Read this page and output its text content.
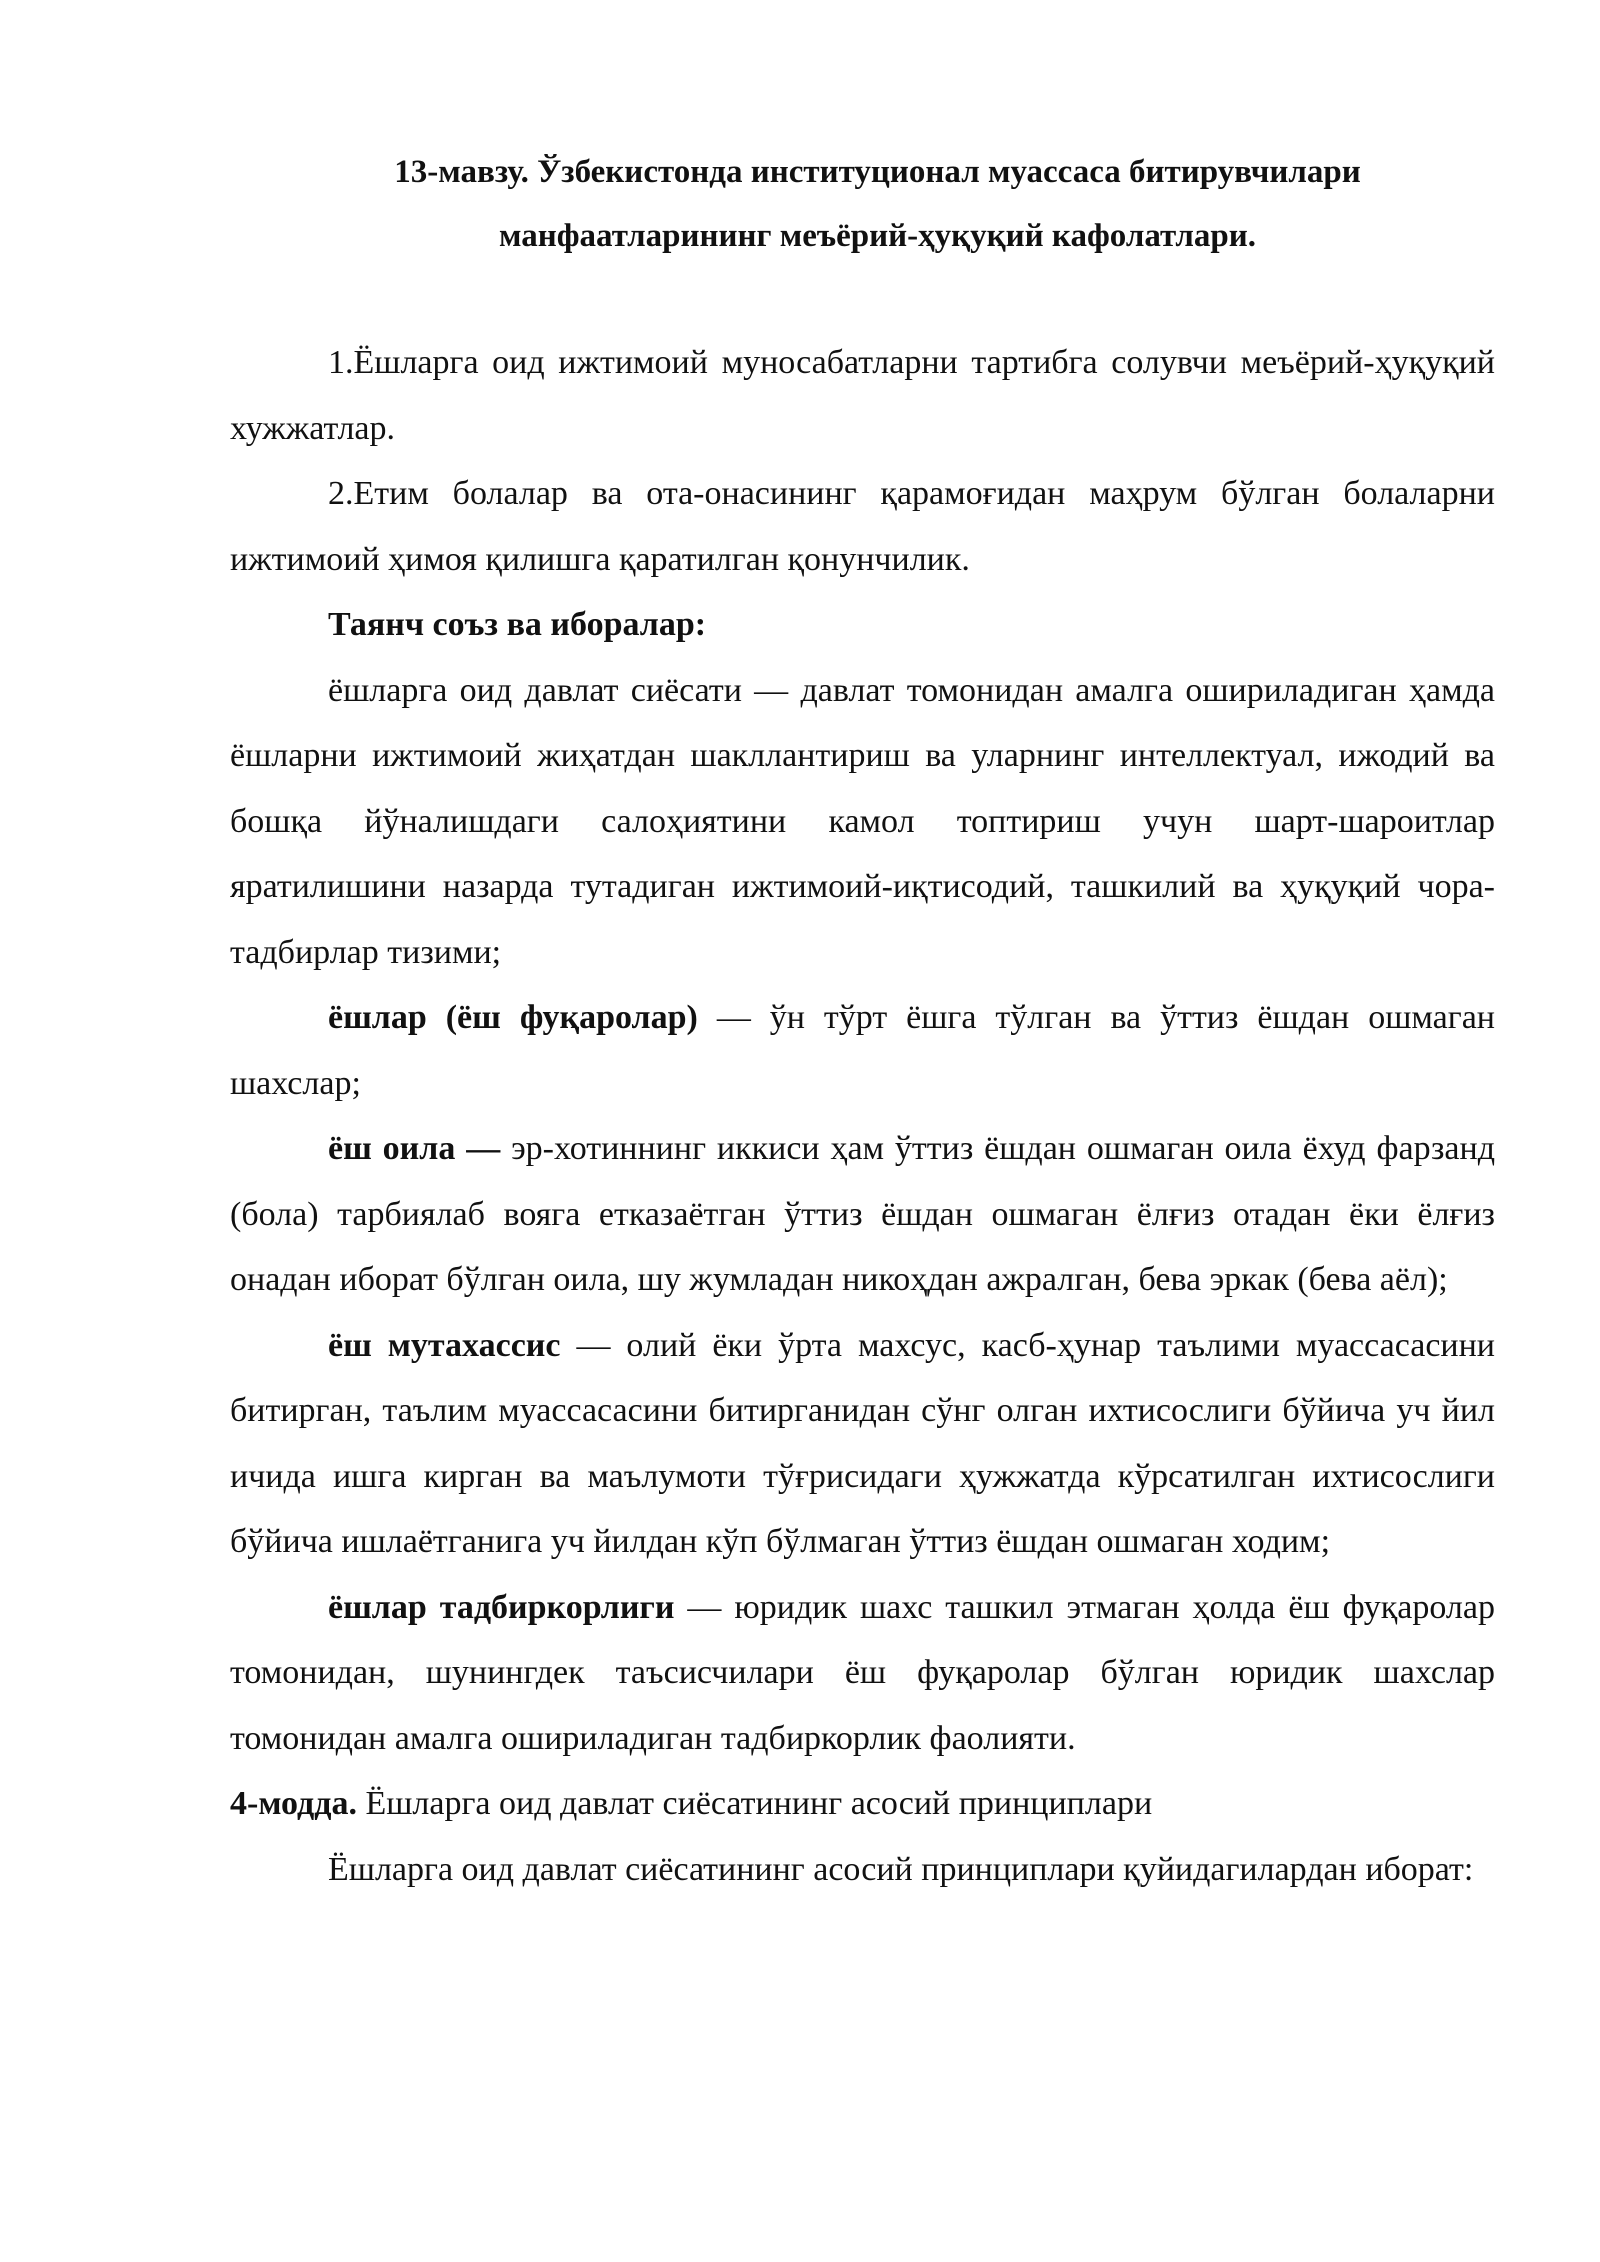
13-мавзу. Ўзбекистонда институционал муассаса битирувчилари
манфаатларининг меъёрий-ҳуқуқий кафолатлари.

1.Ёшларга оид ижтимоий муносабатларни тартибга солувчи меъёрий-ҳуқуқий хужжатлар.

2.Етим болалар ва ота-онасининг қарамоғидан маҳрум бўлган болаларни ижтимоий ҳимоя қилишга қаратилган қонунчилик.

Таянч соъз ва иборалар:

ёшларга оид давлат сиёсати — давлат томонидан амалга ошириладиган ҳамда ёшларни ижтимоий жиҳатдан шакллантириш ва уларнинг интеллектуал, ижодий ва бошқа йўналишдаги салоҳиятини камол топтириш учун шарт-шароитлар яратилишини назарда тутадиган ижтимоий-иқтисодий, ташкилий ва ҳуқуқий чора-тадбирлар тизими;

ёшлар (ёш фуқаролар) — ўн тўрт ёшга тўлган ва ўттиз ёшдан ошмаган шахслар;

ёш оила — эр-хотиннинг иккиси ҳам ўттиз ёшдан ошмаган оила ёхуд фарзанд (бола) тарбиялаб вояга етказаётган ўттиз ёшдан ошмаган ёлғиз отадан ёки ёлғиз онадан иборат бўлган оила, шу жумладан никоҳдан ажралган, бева эркак (бева аёл);

ёш мутахассис — олий ёки ўрта махсус, касб-ҳунар таълими муассасасини битирган, таълим муассасасини битирганидан сўнг олган ихтисослиги бўйича уч йил ичида ишга кирган ва маълумоти тўғрисидаги ҳужжатда кўрсатилган ихтисослиги бўйича ишлаётганига уч йилдан кўп бўлмаган ўттиз ёшдан ошмаган ходим;

ёшлар тадбиркорлиги — юридик шахс ташкил этмаган ҳолда ёш фуқаролар томонидан, шунингдек таъсисчилари ёш фуқаролар бўлган юридик шахслар томонидан амалга ошириладиган тадбиркорлик фаолияти.

4-модда. Ёшларга оид давлат сиёсатининг асосий принциплари

Ёшларга оид давлат сиёсатининг асосий принциплари қуйидагилардан иборат:
